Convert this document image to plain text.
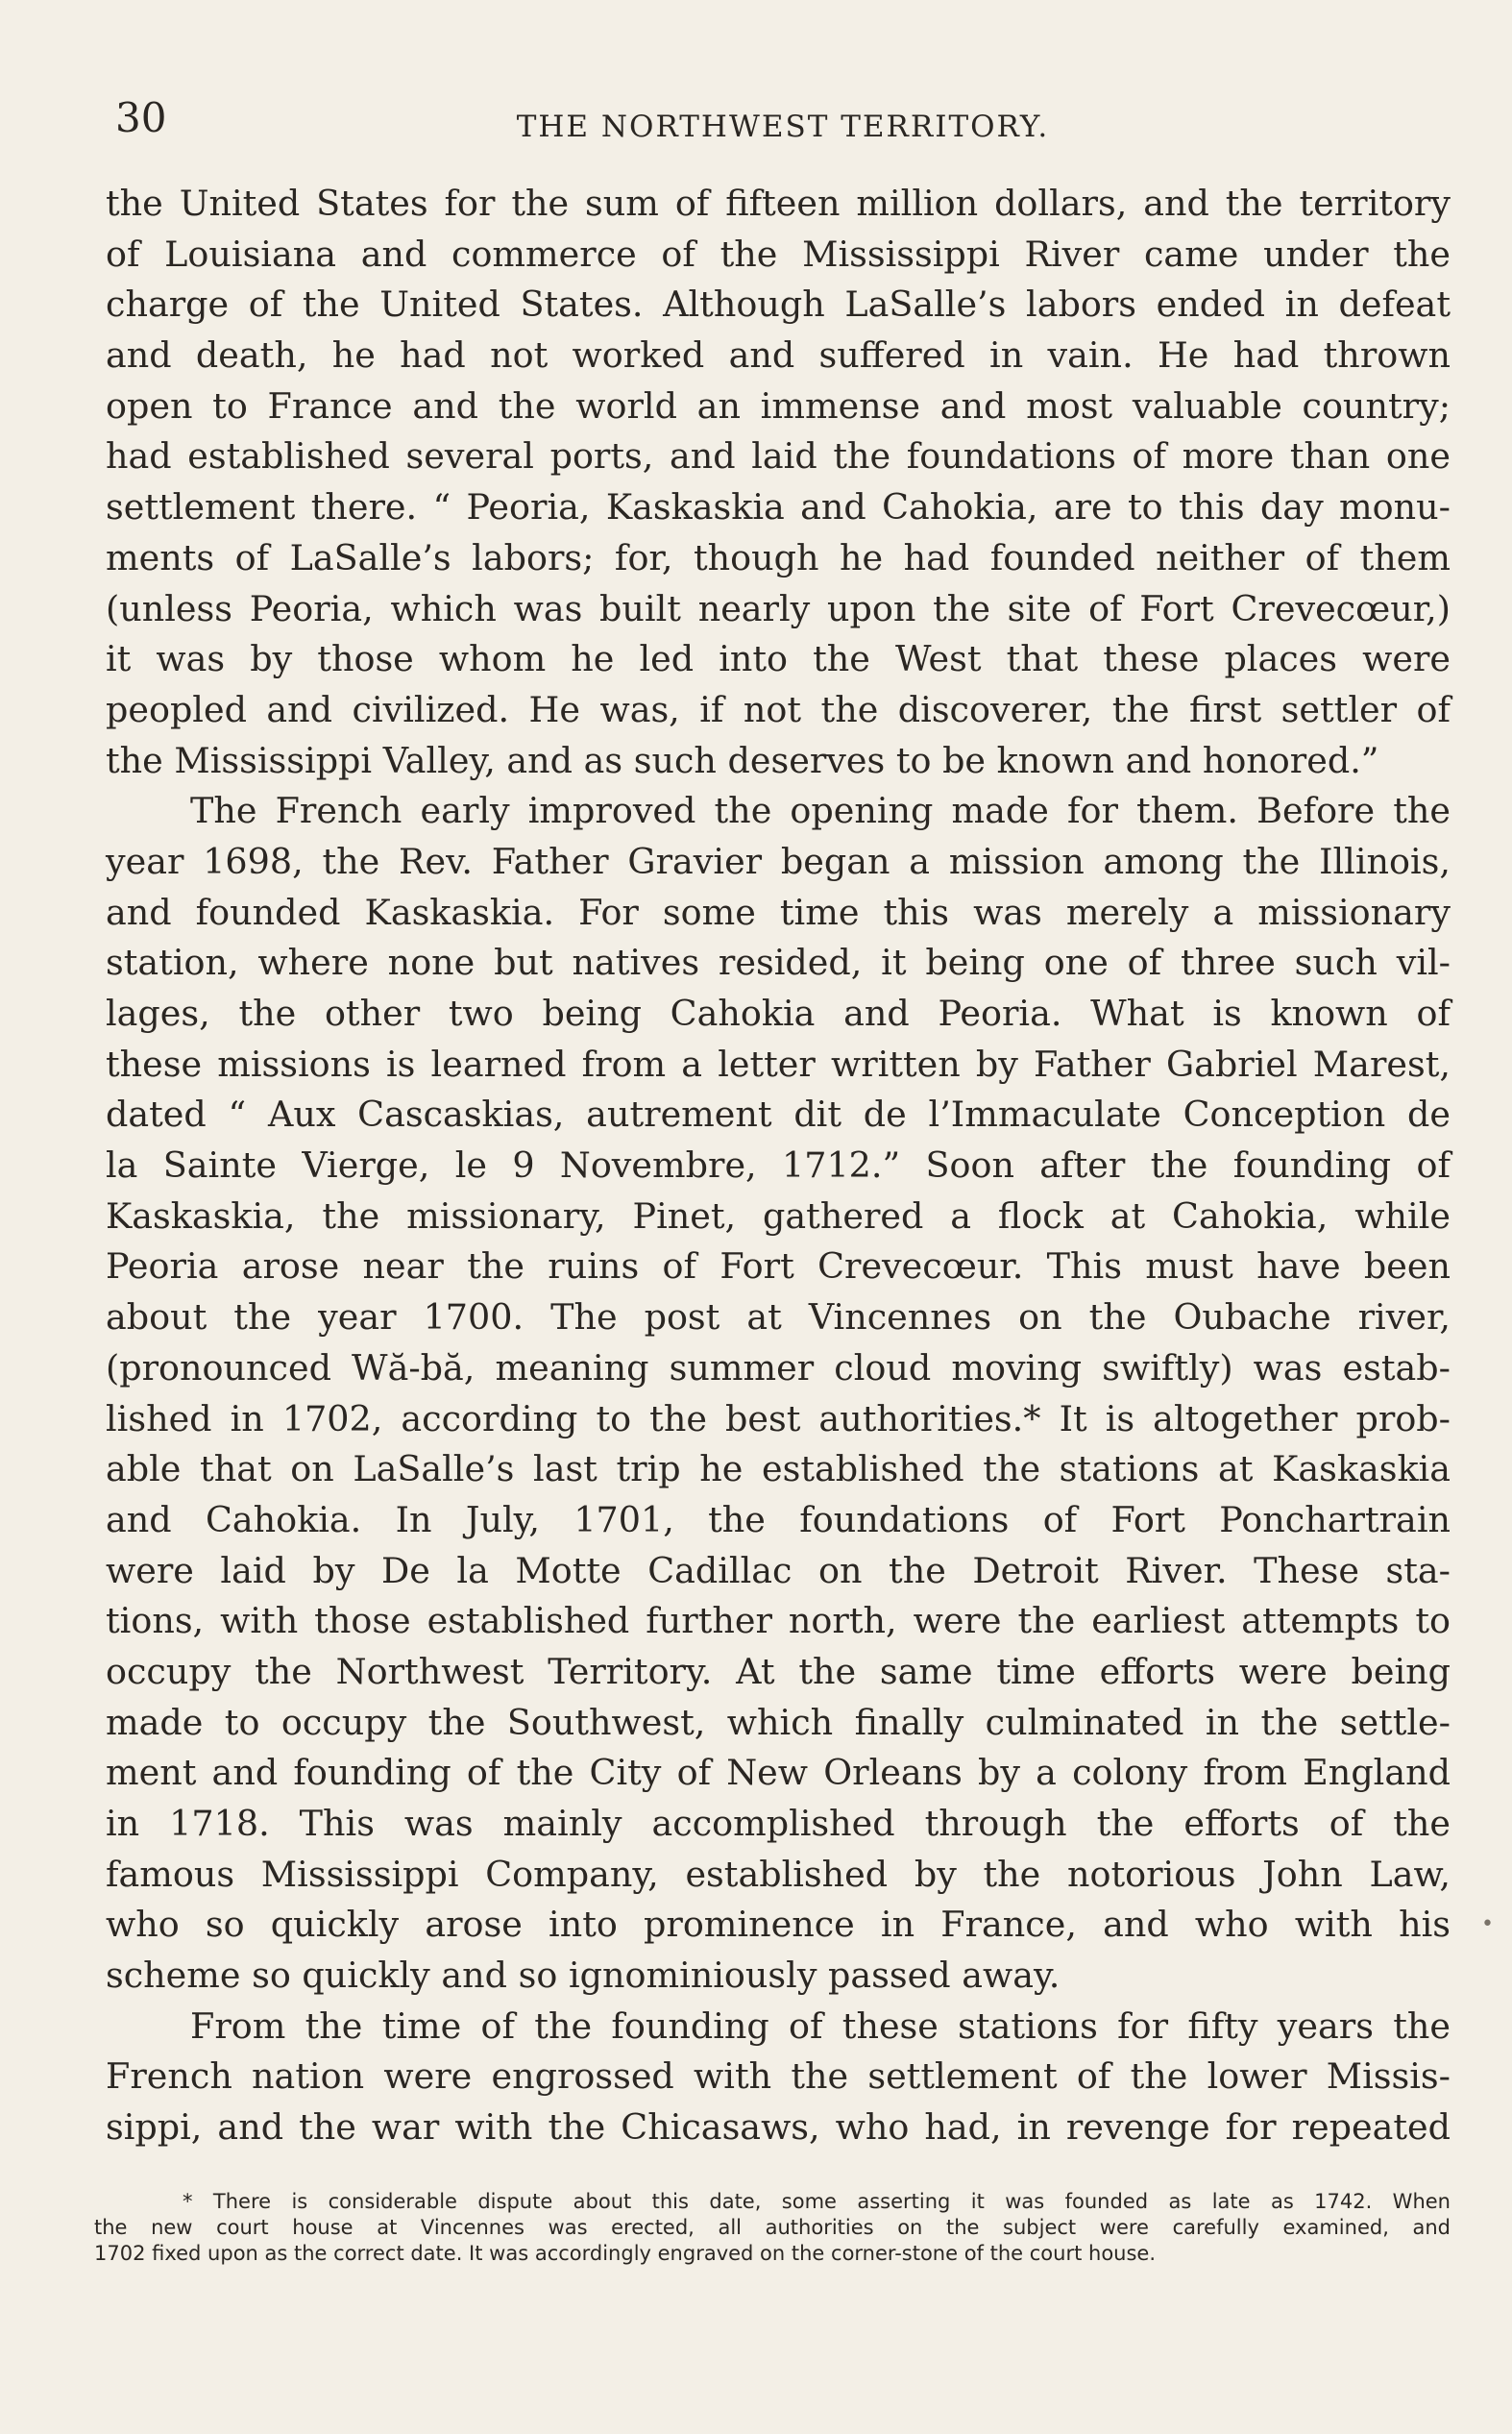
30	THE NORTHWEST TERRITORY.
the United States for the sum of fifteen million dollars, and the territory
of Louisiana and commerce of the Mississippi River came under the
charge of the United States. Although LaSalle’s labors ended in defeat
and death, he had not worked and suffered in vain. He had thrown
open to France and the world an immense and most valuable country;
had established several ports, and laid the foundations of more than one
settlement there. “ Peoria, Kaskaskia and Cahokia, are to this day monu-
ments of LaSalle’s labors; for, though he had founded neither of them
(unless Peoria, which was built nearly upon the site of Fort Crevecœur,)
it was by those whom he led into the West that these places were
peopled and civilized. He was, if not the discoverer, the first settler of
the Mississippi Valley, and as such deserves to be known and honored.”
The French early improved the opening made for them. Before the
year 1698, the Rev. Father Gravier began a mission among the Illinois,
and founded Kaskaskia. For some time this was merely a missionary
station, where none but natives resided, it being one of three such vil-
lages, the other two being Cahokia and Peoria. What is known of
these missions is learned from a letter written by Father Gabriel Marest,
dated “ Aux Cascaskias, autrement dit de l’Immaculate Conception de
la Sainte Vierge, le 9 Novembre, 1712.” Soon after the founding of
Kaskaskia, the missionary, Pinet, gathered a flock at Cahokia, while
Peoria arose near the ruins of Fort Crevecœur. This must have been
about the year 1700. The post at Vincennes on the Oubache river,
(pronounced Wă-bă, meaning summer cloud moving swiftly) was estab-
lished in 1702, according to the best authorities.* It is altogether prob-
able that on LaSalle’s last trip he established the stations at Kaskaskia
and Cahokia. In July, 1701, the foundations of Fort Ponchartrain
were laid by De la Motte Cadillac on the Detroit River. These sta-
tions, with those established further north, were the earliest attempts to
occupy the Northwest Territory. At the same time efforts were being
made to occupy the Southwest, which finally culminated in the settle-
ment and founding of the City of New Orleans by a colony from England
in 1718. This was mainly accomplished through the efforts of the
famous Mississippi Company, established by the notorious John Law,
who so quickly arose into prominence in France, and who with his
scheme so quickly and so ignominiously passed away.
From the time of the founding of these stations for fifty years the
French nation were engrossed with the settlement of the lower Missis-
sippi, and the war with the Chicasaws, who had, in revenge for repeated
* There is considerable dispute about this date, some asserting it was founded as late as 1742. When
the new court house at Vincennes was erected, all authorities on the subject were carefully examined, and
1702 fixed upon as the correct date. It was accordingly engraved on the corner-stone of the court house.
•
